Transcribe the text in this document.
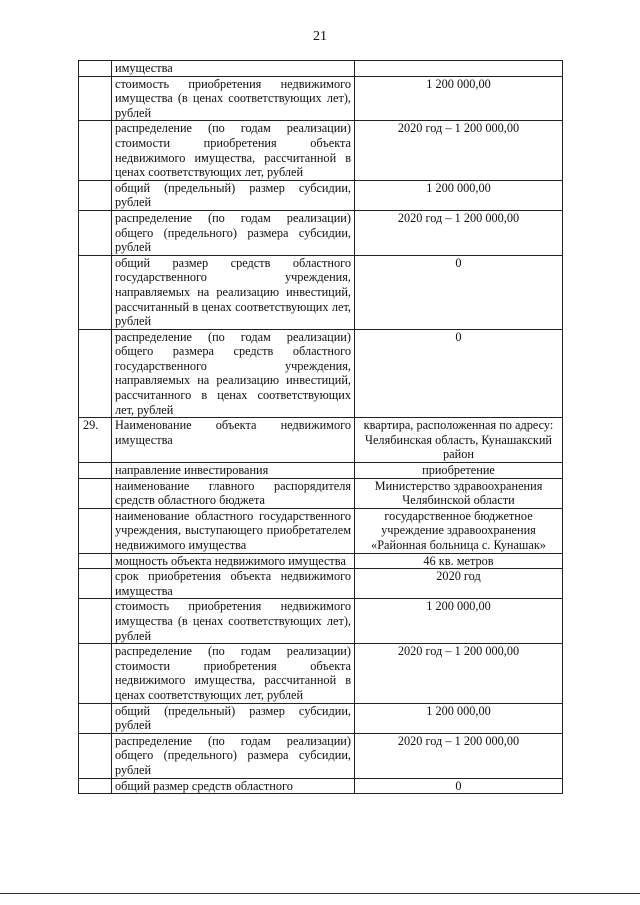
21
	имущества	
	стоимость приобретения недвижимого имущества (в ценах соответствующих лет), рублей	1 200 000,00
	распределение (по годам реализации) стоимости приобретения объекта недвижимого имущества, рассчитанной в ценах соответствующих лет, рублей	2020 год – 1 200 000,00
	общий (предельный) размер субсидии, рублей	1 200 000,00
	распределение (по годам реализации) общего (предельного) размера субсидии, рублей	2020 год – 1 200 000,00
	общий размер средств областного государственного учреждения, направляемых на реализацию инвестиций, рассчитанный в ценах соответствующих лет, рублей	0
	распределение (по годам реализации) общего размера средств областного государственного учреждения, направляемых на реализацию инвестиций, рассчитанного в ценах соответствующих лет, рублей	0
29.	Наименование объекта недвижимого имущества	квартира, расположенная по адресу: Челябинская область, Кунашакский район
	направление инвестирования	приобретение
	наименование главного распорядителя средств областного бюджета	Министерство здравоохранения Челябинской области
	наименование областного государственного учреждения, выступающего приобретателем недвижимого имущества	государственное бюджетное учреждение здравоохранения «Районная больница с. Кунашак»
	мощность объекта недвижимого имущества	46 кв. метров
	срок приобретения объекта недвижимого имущества	2020 год
	стоимость приобретения недвижимого имущества (в ценах соответствующих лет), рублей	1 200 000,00
	распределение (по годам реализации) стоимости приобретения объекта недвижимого имущества, рассчитанной в ценах соответствующих лет, рублей	2020 год – 1 200 000,00
	общий (предельный) размер субсидии, рублей	1 200 000,00
	распределение (по годам реализации) общего (предельного) размера субсидии, рублей	2020 год – 1 200 000,00
	общий размер средств областного	0
